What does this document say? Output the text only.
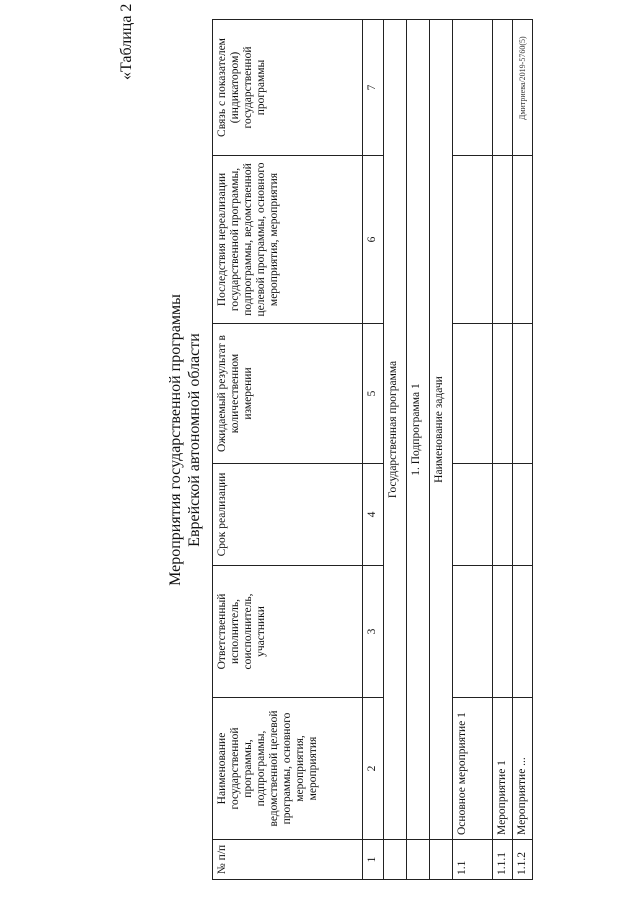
«Таблица 2
Мероприятия государственной программы Еврейской автономной области
№ п/п	Наименование государственной программы, подпрограммы, ведомственной целевой программы, основного мероприятия, мероприятия	Ответственный исполнитель, соисполнитель, участники	Срок реализации	Ожидаемый результат в количественном измерении	Последствия нереализации государственной программы, подпрограммы, ведомственной целевой программы, основного мероприятия, мероприятия	Связь с показателем (индикатором) государственной программы
1	2	3	4	5	6	7
	Государственная программа					
	1. Подпрограмма 1					
	Наименование задачи					
1.1	Основное мероприятие 1					
1.1.1	Мероприятие 1					
1.1.2	Мероприятие ...					
Дмитриева/2019-5760(5)
